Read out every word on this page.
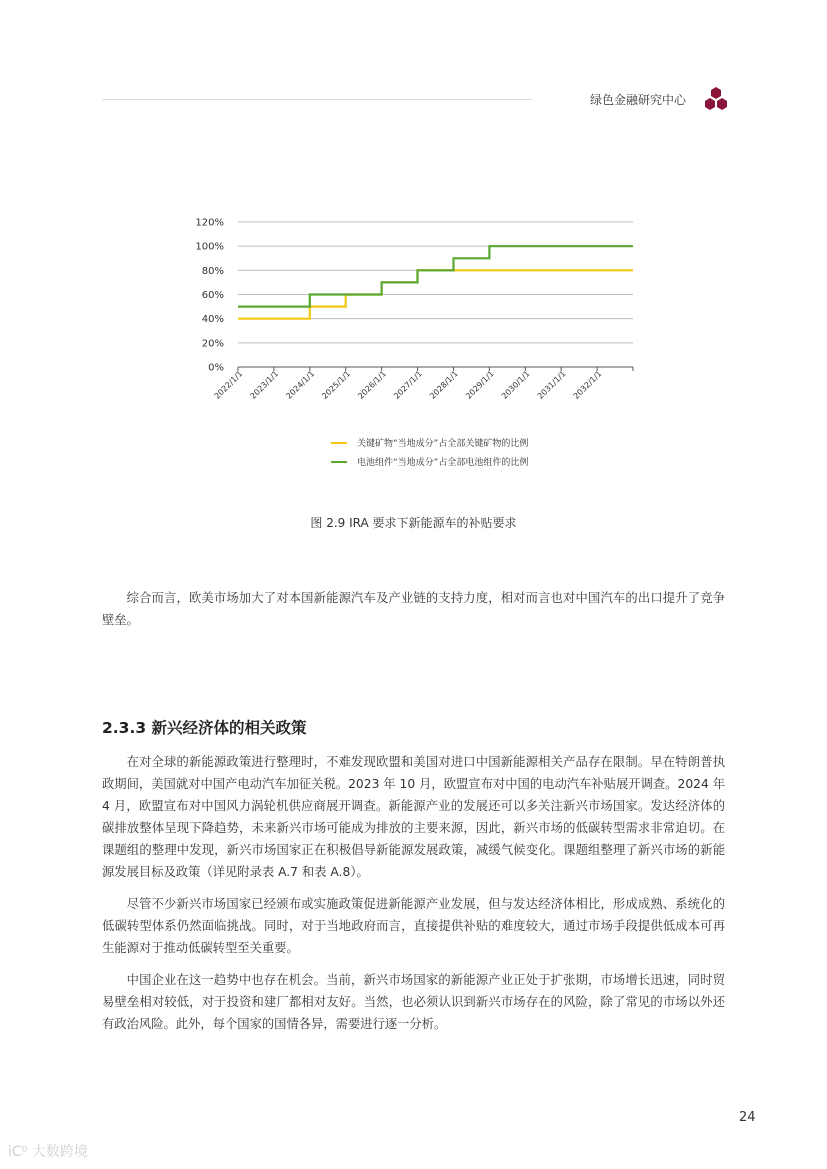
绿色金融研究中心
120%
100%
80%
60%
40%
20%
0%
2022/1/1 2023/1/1 2024/1/1 2025/1/1 2026/1/1 2027/1/1 2028/1/1 2029/1/1 2030/1/1 2031/1/1 2032/1/1
关键矿物“当地成分”占全部关键矿物的比例
电池组件“当地成分”占全部电池组件的比例
图 2.9 IRA 要求下新能源车的补贴要求

综合而言，欧美市场加大了对本国新能源汽车及产业链的支持力度，相对而言也对中国汽车的出口提升了竞争壁垒。

2.3.3 新兴经济体的相关政策

在对全球的新能源政策进行整理时，不难发现欧盟和美国对进口中国新能源相关产品存在限制。早在特朗普执政期间，美国就对中国产电动汽车加征关税。2023 年 10 月，欧盟宣布对中国的电动汽车补贴展开调查。2024 年 4 月，欧盟宣布对中国风力涡轮机供应商展开调查。新能源产业的发展还可以多关注新兴市场国家。发达经济体的碳排放整体呈现下降趋势，未来新兴市场可能成为排放的主要来源，因此，新兴市场的低碳转型需求非常迫切。在课题组的整理中发现，新兴市场国家正在积极倡导新能源发展政策，减缓气候变化。课题组整理了新兴市场的新能源发展目标及政策（详见附录表 A.7 和表 A.8）。

尽管不少新兴市场国家已经颁布或实施政策促进新能源产业发展，但与发达经济体相比，形成成熟、系统化的低碳转型体系仍然面临挑战。同时，对于当地政府而言，直接提供补贴的难度较大，通过市场手段提供低成本可再生能源对于推动低碳转型至关重要。

中国企业在这一趋势中也存在机会。当前，新兴市场国家的新能源产业正处于扩张期，市场增长迅速，同时贸易壁垒相对较低，对于投资和建厂都相对友好。当然，也必须认识到新兴市场存在的风险，除了常见的市场以外还有政治风险。此外，每个国家的国情各异，需要进行逐一分析。

24
iC⁰ 大数跨境
